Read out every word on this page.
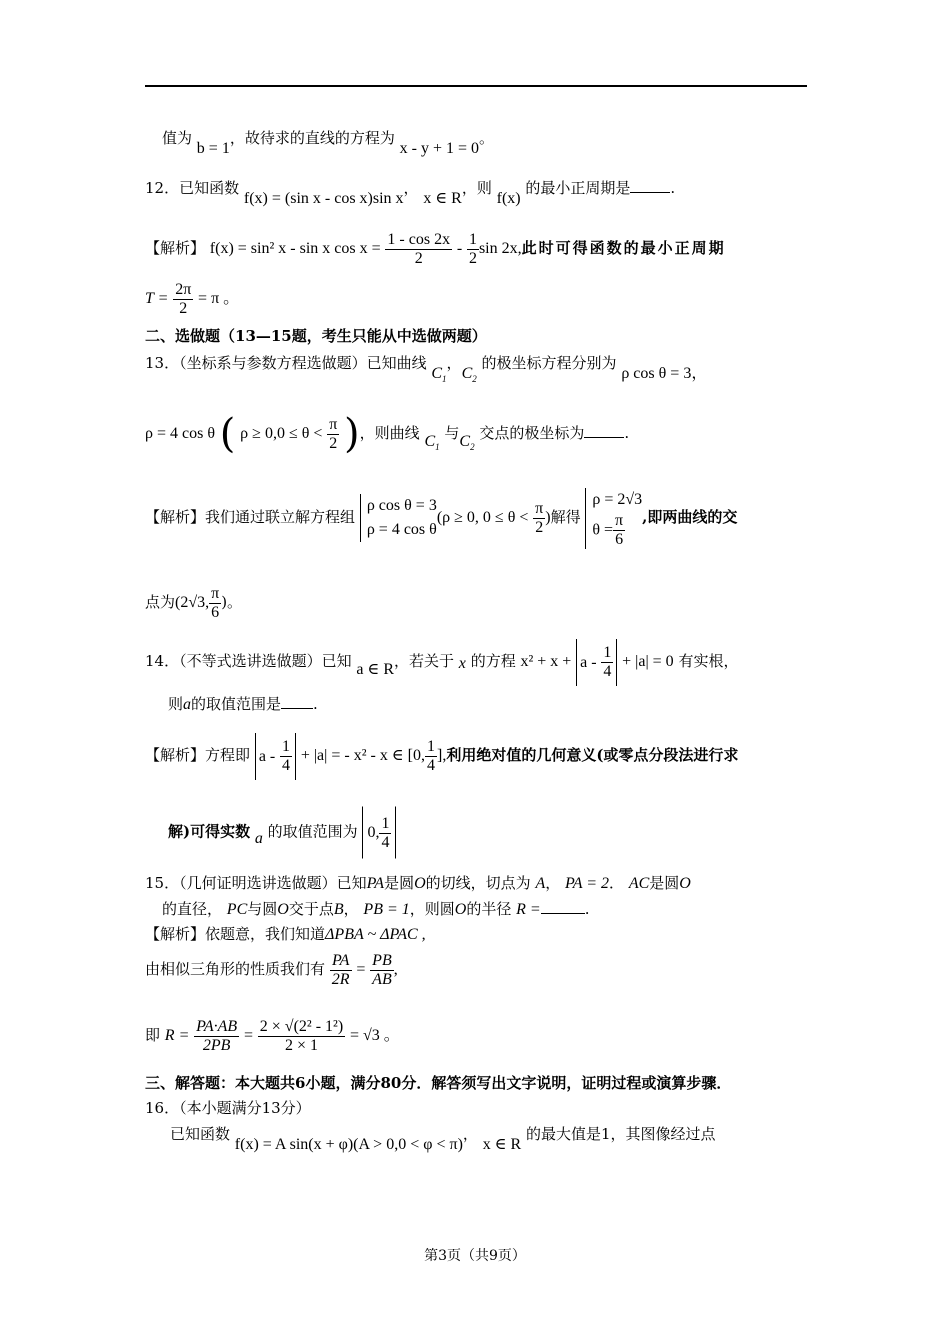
值为 b = 1，故待求的直线的方程为 x - y + 1 = 0。
12．已知函数 f(x) = (sin x - cos x)sin x， x ∈ R，则 f(x) 的最小正周期是	.
【解析】 f(x) = sin² x - sin x $\cos x = \frac{1 - \cos 2x}{2} - \frac{1}{2}$ sin 2x,此时可得函数的最小正周期
$T = \frac{2\pi}{2} = \pi$ 。
二、选做题（13—15题，考生只能从中选做两题）
13．（坐标系与参数方程选做题）已知曲线 $C_1$，$C_2$ 的极坐标方程分别为 ρ cos θ = 3，
ρ = 4 cos θ ( $\rho \ge 0,0 \le \theta < \frac{\pi}{2}$ )，则曲线 $C_1$ 与$C_2$ 交点的极坐标为	.
【解析】我们通过联立解方程组
ρ cos θ = 3
ρ = 4 cos θ
(ρ ≥ 0, $0 \le \theta < \frac{\pi}{2}$ )解得
ρ = 2√3
$\theta = \frac{\pi}{6}$ ,即两曲线的交
点为(2√3, $\frac{\pi}{6}$ )。
14．（不等式选讲选做题）已知 a ∈ R，若关于 x 的方程 $x^2 + x + a - \frac{1}{4} + |a| = 0$ 有实根，
则a的取值范围是 .
【解析】方程即 $a - \frac{1}{4} + |a|$ = - x² - x ∈ [0, $\frac{1}{4}$ ],利用绝对值的几何意义(或零点分段法进行求
解)可得实数 a 的取值范围为 0, $\frac{1}{4}$
15．（几何证明选讲选做题）已知PA是圆O的切线，切点为 A， PA = 2． AC是圆O
的直径， PC与圆O交于点B， PB = 1，则圆O的半径 R =	.
【解析】依题意，我们知道ΔPBA ~ ΔPAC ,
由相似三角形的性质我们有 $\frac{PA}{2R} = \frac{PB}{AB}$ ,
即 $R = \frac{PA\cdot AB}{2PB} = \frac{\text{2 × √(2² - 1²)}}{2 \times 1} = √3$ 。
三、解答题：本大题共6小题，满分80分．解答须写出文字说明，证明过程或演算步骤．
16．（本小题满分13分）
已知函数 f(x) = A sin(x + φ)(A > 0,0 < φ < π)， x ∈ R 的最大值是1，其图像经过点
第3页（共9页）
